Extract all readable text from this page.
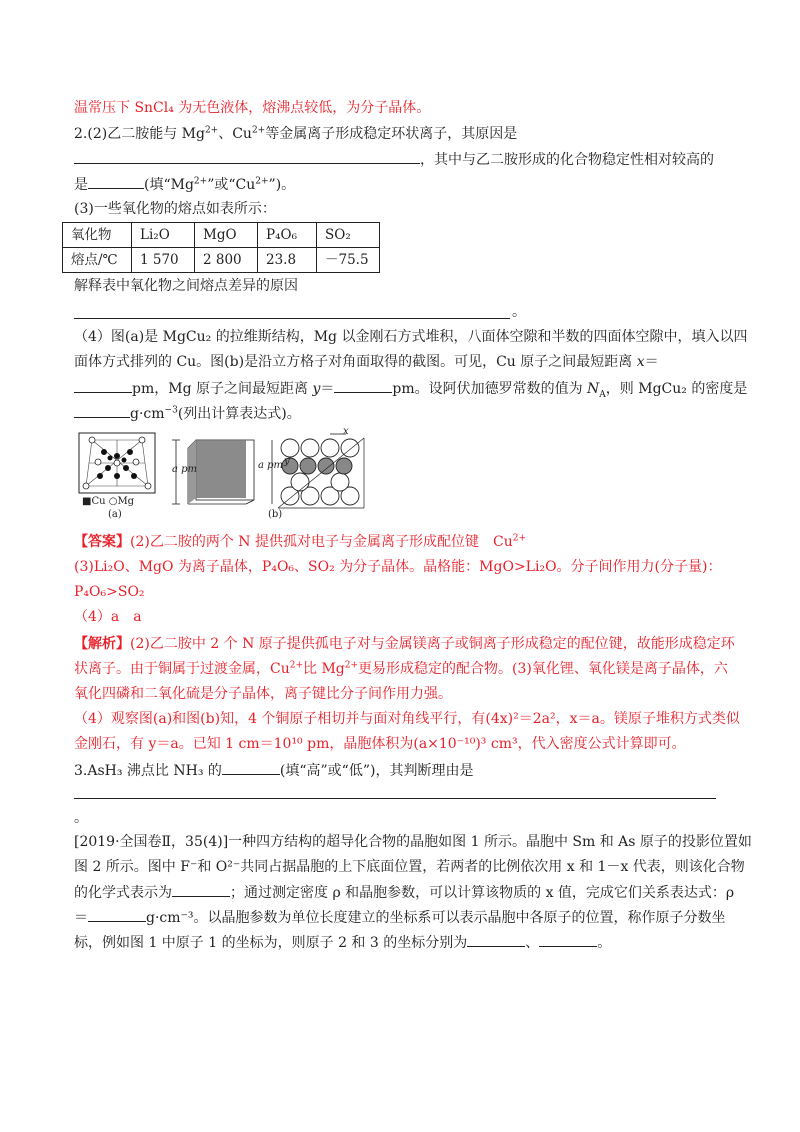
温常压下 SnCl₄ 为无色液体，熔沸点较低，为分子晶体。
2.(2)乙二胺能与 $Mg^{2+}$、$Cu^{2+}$等金属离子形成稳定环状离子，其原因是
，其中与乙二胺形成的化合物稳定性相对较高的
是	(填“$Mg^{2+}$”或“$Cu^{2+}$”)。
(3)一些氧化物的熔点如表所示：
氧化物	Li₂O	MgO	P₄O₆	SO₂
熔点/℃	1 570	2 800	23.8	－75.5
解释表中氧化物之间熔点差异的原因
。
（4）图(a)是 MgCu₂ 的拉维斯结构，Mg 以金刚石方式堆积，八面体空隙和半数的四面体空隙中，填入以四
面体方式排列的 Cu。图(b)是沿立方格子对角面取得的截图。可见，Cu 原子之间最短距离 x＝
pm，Mg 原子之间最短距离 y＝	pm。设阿伏加德罗常数的值为 $N_A$，则 MgCu₂ 的密度是
$g\cdot cm^{-3}$(列出计算表达式)。
■Cu ○Mg
(a)
a pm
x
y
a pm
(b)
【答案】(2)乙二胺的两个 N 提供孤对电子与金属离子形成配位键　$Cu^{2+}$
(3)Li₂O、MgO 为离子晶体，P₄O₆、SO₂ 为分子晶体。晶格能：MgO>Li₂O。分子间作用力(分子量)：
P₄O₆>SO₂
（4）a　a
【解析】(2)乙二胺中 2 个 N 原子提供孤电子对与金属镁离子或铜离子形成稳定的配位键，故能形成稳定环
状离子。由于铜属于过渡金属，$Cu^{2+}$比 $Mg^{2+}$更易形成稳定的配合物。(3)氧化锂、氧化镁是离子晶体，六
氧化四磷和二氧化硫是分子晶体，离子键比分子间作用力强。
（4）观察图(a)和图(b)知，4 个铜原子相切并与面对角线平行，有(4x)²＝2a²，x＝a。镁原子堆积方式类似
金刚石，有 y＝a。已知 1 cm＝10¹⁰ pm，晶胞体积为(a×10⁻¹⁰)³ cm³，代入密度公式计算即可。
3.AsH₃ 沸点比 NH₃ 的	(填“高”或“低”)，其判断理由是
。
[2019·全国卷Ⅱ，35(4)]一种四方结构的超导化合物的晶胞如图 1 所示。晶胞中 Sm 和 As 原子的投影位置如
图 2 所示。图中 F⁻和 O²⁻共同占据晶胞的上下底面位置，若两者的比例依次用 x 和 1－x 代表，则该化合物
的化学式表示为	；通过测定密度 ρ 和晶胞参数，可以计算该物质的 x 值，完成它们关系表达式：ρ
＝	g·cm⁻³。以晶胞参数为单位长度建立的坐标系可以表示晶胞中各原子的位置，称作原子分数坐
标，例如图 1 中原子 1 的坐标为，则原子 2 和 3 的坐标分别为	、	。
